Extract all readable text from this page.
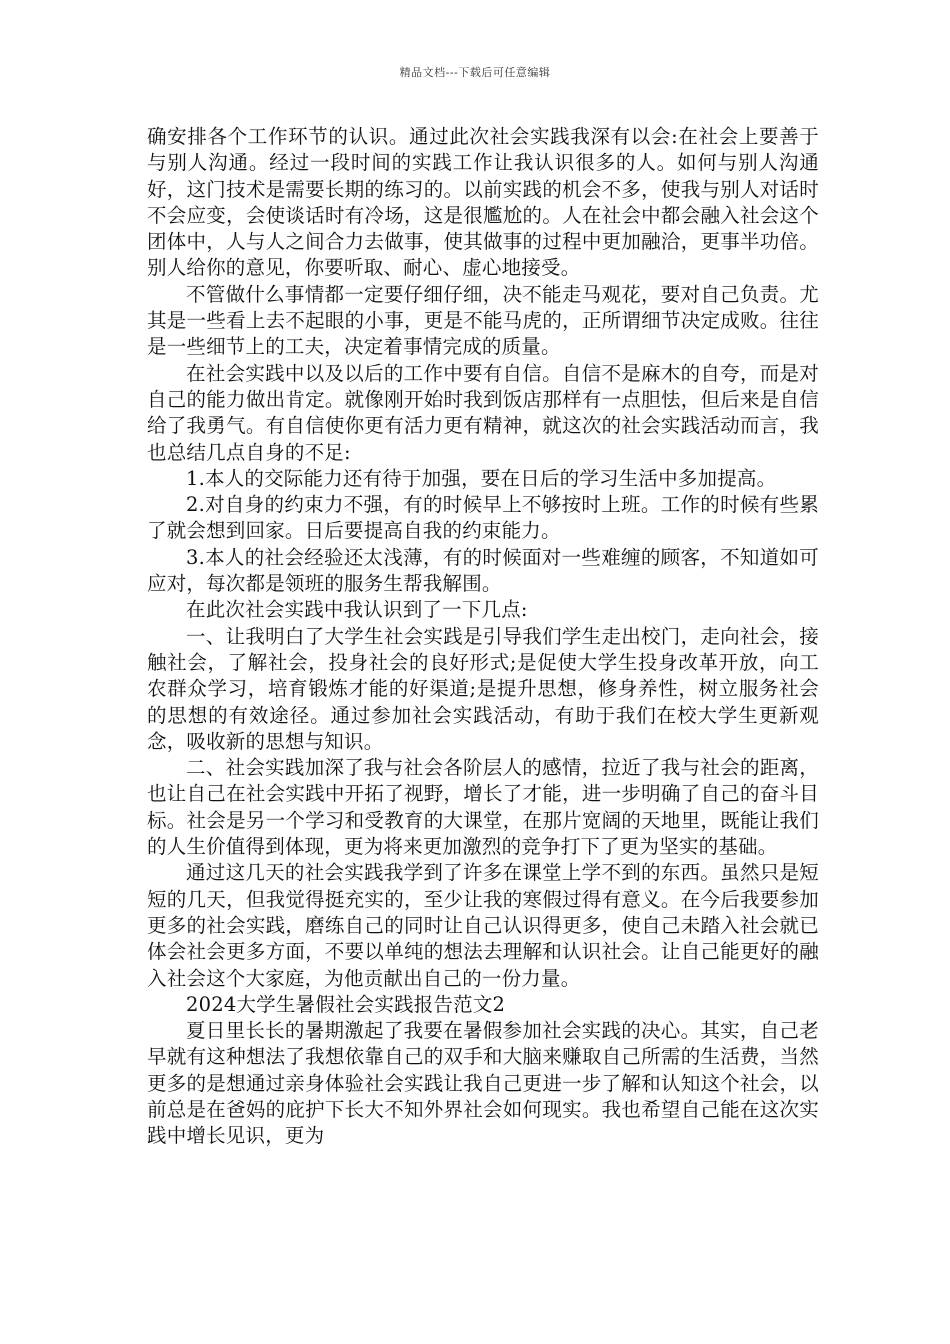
精品文档---下载后可任意编辑

确安排各个工作环节的认识。通过此次社会实践我深有以会:在社会上要善于与别人沟通。经过一段时间的实践工作让我认识很多的人。如何与别人沟通好，这门技术是需要长期的练习的。以前实践的机会不多，使我与别人对话时不会应变，会使谈话时有冷场，这是很尷尬的。人在社会中都会融入社会这个团体中，人与人之间合力去做事，使其做事的过程中更加融洽，更事半功倍。别人给你的意见，你要听取、耐心、虚心地接受。

不管做什么事情都一定要仔细仔细，决不能走马观花，要对自己负责。尤其是一些看上去不起眼的小事，更是不能马虎的，正所谓细节决定成败。往往是一些细节上的工夫，决定着事情完成的质量。

在社会实践中以及以后的工作中要有自信。自信不是麻木的自夸，而是对自己的能力做出肯定。就像刚开始时我到饭店那样有一点胆怯，但后来是自信给了我勇气。有自信使你更有活力更有精神，就这次的社会实践活动而言，我也总结几点自身的不足:

1.本人的交际能力还有待于加强，要在日后的学习生活中多加提高。

2.对自身的约束力不强，有的时候早上不够按时上班。工作的时候有些累了就会想到回家。日后要提高自我的约束能力。

3.本人的社会经验还太浅薄，有的时候面对一些难缠的顾客，不知道如可应对，每次都是领班的服务生帮我解围。

在此次社会实践中我认识到了一下几点:

一、让我明白了大学生社会实践是引导我们学生走出校门，走向社会，接触社会，了解社会，投身社会的良好形式;是促使大学生投身改革开放，向工农群众学习，培育锻炼才能的好渠道;是提升思想，修身养性，树立服务社会的思想的有效途径。通过参加社会实践活动，有助于我们在校大学生更新观念，吸收新的思想与知识。

二、社会实践加深了我与社会各阶层人的感情，拉近了我与社会的距离，也让自己在社会实践中开拓了视野，增长了才能，进一步明确了自己的奋斗目标。社会是另一个学习和受教育的大课堂，在那片宽阔的天地里，既能让我们的人生价值得到体现，更为将来更加激烈的竞争打下了更为坚实的基础。

通过这几天的社会实践我学到了许多在课堂上学不到的东西。虽然只是短短的几天，但我觉得挺充实的，至少让我的寒假过得有意义。在今后我要参加更多的社会实践，磨练自己的同时让自己认识得更多，使自己未踏入社会就已体会社会更多方面，不要以单纯的想法去理解和认识社会。让自己能更好的融入社会这个大家庭，为他贡献出自己的一份力量。

2024大学生暑假社会实践报告范文2

夏日里长长的暑期激起了我要在暑假参加社会实践的决心。其实，自己老早就有这种想法了我想依靠自己的双手和大脑来赚取自己所需的生活费，当然更多的是想通过亲身体验社会实践让我自己更进一步了解和认知这个社会，以前总是在爸妈的庇护下长大不知外界社会如何现实。我也希望自己能在这次实践中增长见识，更为
